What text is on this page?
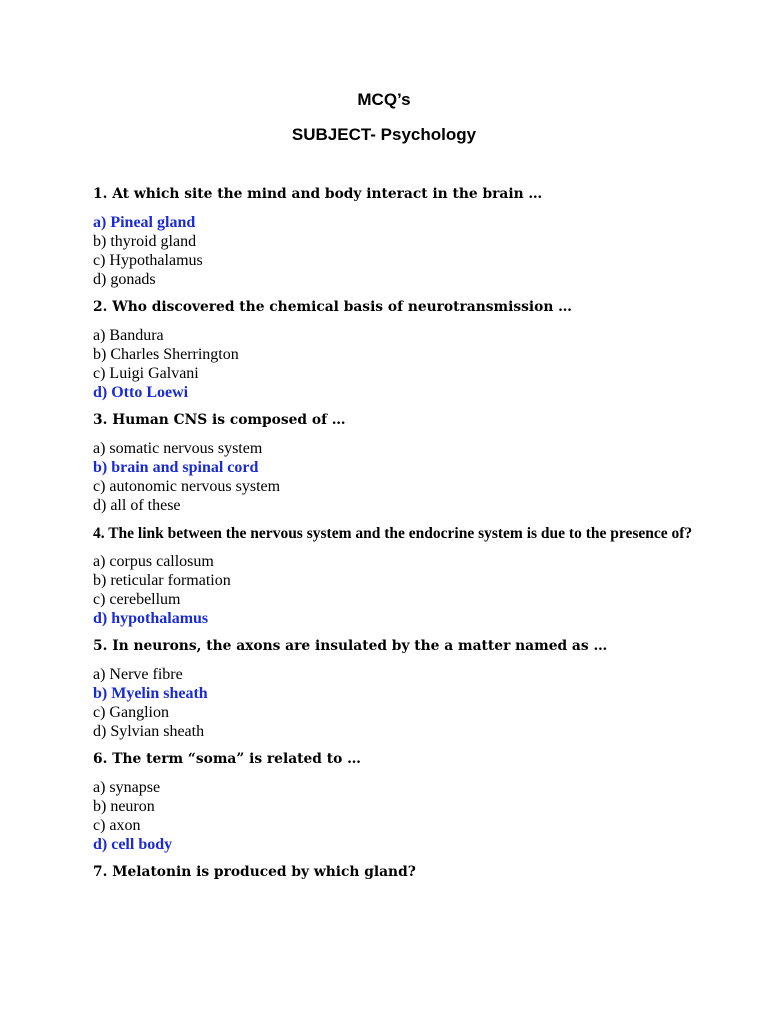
MCQ’s
SUBJECT- Psychology

1. At which site the mind and body interact in the brain …

a) Pineal gland

b) thyroid gland

c) Hypothalamus

d) gonads

2. Who discovered the chemical basis of neurotransmission …

a) Bandura

b) Charles Sherrington

c) Luigi Galvani

d) Otto Loewi

3. Human CNS is composed of …

a) somatic nervous system

b) brain and spinal cord

c) autonomic nervous system

d) all of these

4. The link between the nervous system and the endocrine system is due to the presence of?

a) corpus callosum

b) reticular formation

c) cerebellum

d) hypothalamus

5. In neurons, the axons are insulated by the a matter named as …

a) Nerve fibre

b) Myelin sheath

c) Ganglion

d) Sylvian sheath

6. The term “soma” is related to …

a) synapse

b) neuron

c) axon

d) cell body

7. Melatonin is produced by which gland?
